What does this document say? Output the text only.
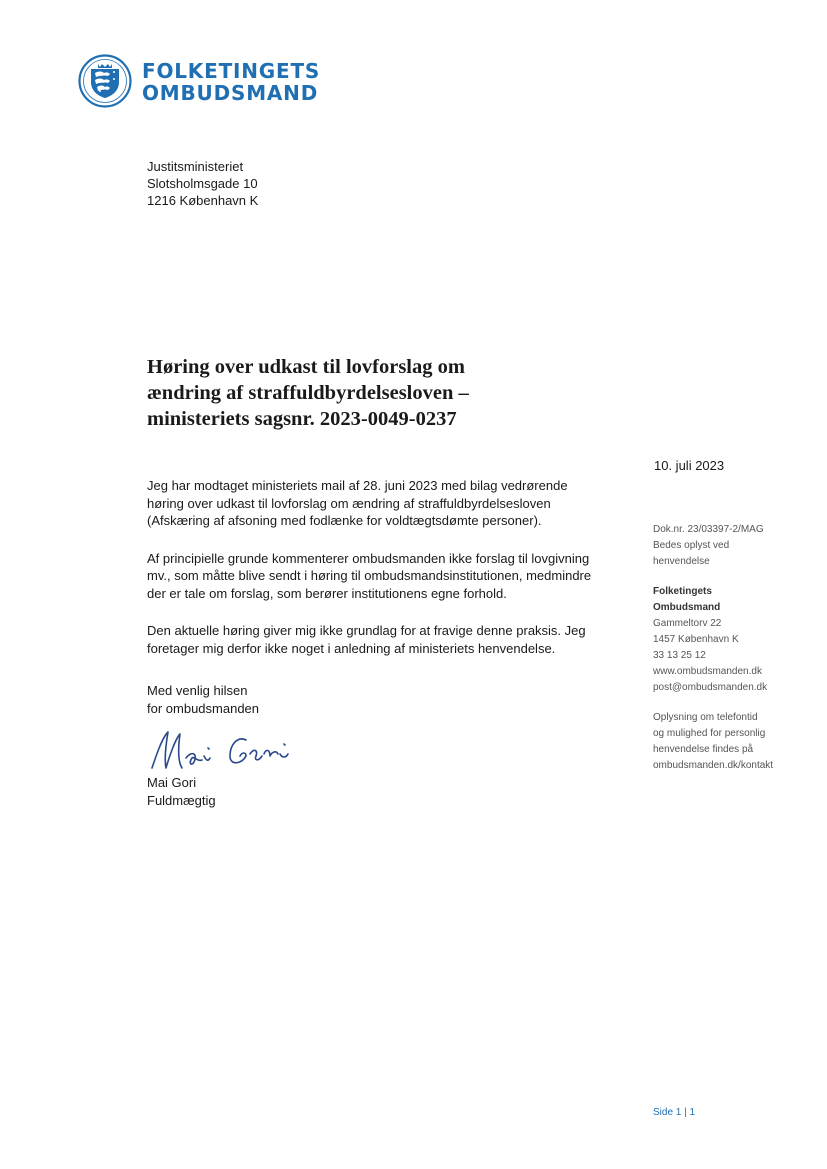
FOLKETINGETS
OMBUDSMAND
Justitsministeriet
Slotsholmsgade 10
1216 København K
Høring over udkast til lovforslag om
ændring af straffuldbyrdelsesloven –
ministeriets sagsnr. 2023-0049-0237

Jeg har modtaget ministeriets mail af 28. juni 2023 med bilag vedrørende
høring over udkast til lovforslag om ændring af straffuldbyrdelsesloven
(Afskæring af afsoning med fodlænke for voldtægtsdømte personer).

Af principielle grunde kommenterer ombudsmanden ikke forslag til lovgivning
mv., som måtte blive sendt i høring til ombudsmandsinstitutionen, medmindre
der er tale om forslag, som berører institutionens egne forhold.

Den aktuelle høring giver mig ikke grundlag for at fravige denne praksis. Jeg
foretager mig derfor ikke noget i anledning af ministeriets henvendelse.

Med venlig hilsen
for ombudsmanden
Mai Gori
Fuldmægtig
10. juli 2023
Dok.nr. 23/03397-2/MAG
Bedes oplyst ved
henvendelse
Folketingets
Ombudsmand
Gammeltorv 22
1457 København K
33 13 25 12
www.ombudsmanden.dk
post@ombudsmanden.dk
Oplysning om telefontid
og mulighed for personlig
henvendelse findes på
ombudsmanden.dk/kontakt
Side 1 | 1
